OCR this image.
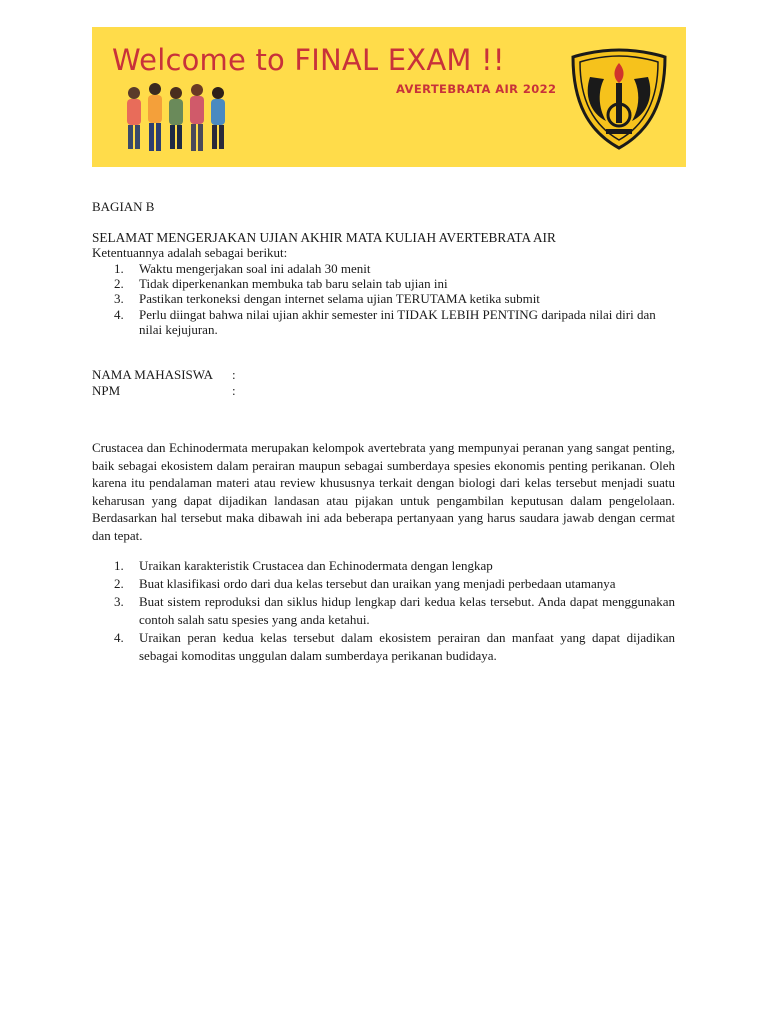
Welcome to FINAL EXAM !!
AVERTEBRATA AIR 2022
BAGIAN B
SELAMAT MENGERJAKAN UJIAN AKHIR MATA KULIAH AVERTEBRATA AIR
Ketentuannya adalah sebagai berikut:
1. Waktu mengerjakan soal ini adalah 30 menit
2. Tidak diperkenankan membuka tab baru selain tab ujian ini
3. Pastikan terkoneksi dengan internet selama ujian TERUTAMA ketika submit
4. Perlu diingat bahwa nilai ujian akhir semester ini TIDAK LEBIH PENTING daripada nilai diri dan nilai kejujuran.
NAMA MAHASISWA :
NPM	:
Crustacea dan Echinodermata merupakan kelompok avertebrata yang mempunyai peranan yang sangat penting, baik sebagai ekosistem dalam perairan maupun sebagai sumberdaya spesies ekonomis penting perikanan. Oleh karena itu pendalaman materi atau review khususnya terkait dengan biologi dari kelas tersebut menjadi suatu keharusan yang dapat dijadikan landasan atau pijakan untuk pengambilan keputusan dalam pengelolaan. Berdasarkan hal tersebut maka dibawah ini ada beberapa pertanyaan yang harus saudara jawab dengan cermat dan tepat.
1. Uraikan karakteristik Crustacea dan Echinodermata dengan lengkap
2. Buat klasifikasi ordo dari dua kelas tersebut dan uraikan yang menjadi perbedaan utamanya
3. Buat sistem reproduksi dan siklus hidup lengkap dari kedua kelas tersebut. Anda dapat menggunakan contoh salah satu spesies yang anda ketahui.
4. Uraikan peran kedua kelas tersebut dalam ekosistem perairan dan manfaat yang dapat dijadikan sebagai komoditas unggulan dalam sumberdaya perikanan budidaya.
